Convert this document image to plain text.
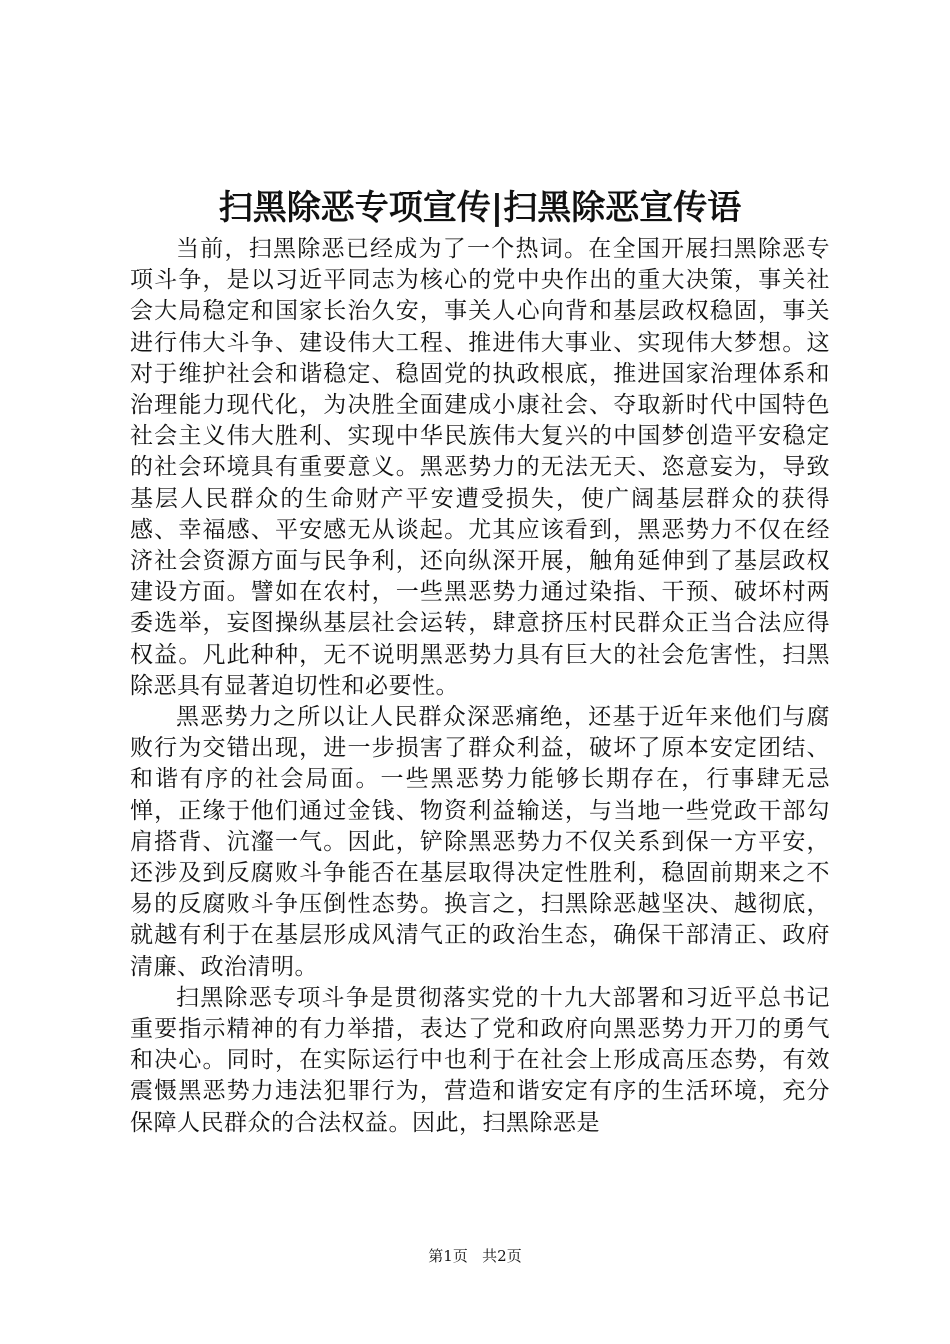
扫黑除恶专项宣传|扫黑除恶宣传语

当前，扫黑除恶已经成为了一个热词。在全国开展扫黑除恶专项斗争，是以习近平同志为核心的党中央作出的重大决策，事关社会大局稳定和国家长治久安，事关人心向背和基层政权稳固，事关进行伟大斗争、建设伟大工程、推进伟大事业、实现伟大梦想。这对于维护社会和谐稳定、稳固党的执政根底，推进国家治理体系和治理能力现代化，为决胜全面建成小康社会、夺取新时代中国特色社会主义伟大胜利、实现中华民族伟大复兴的中国梦创造平安稳定的社会环境具有重要意义。黑恶势力的无法无天、恣意妄为，导致基层人民群众的生命财产平安遭受损失，使广阔基层群众的获得感、幸福感、平安感无从谈起。尤其应该看到，黑恶势力不仅在经济社会资源方面与民争利，还向纵深开展，触角延伸到了基层政权建设方面。譬如在农村，一些黑恶势力通过染指、干预、破坏村两委选举，妄图操纵基层社会运转，肆意挤压村民群众正当合法应得权益。凡此种种，无不说明黑恶势力具有巨大的社会危害性，扫黑除恶具有显著迫切性和必要性。

黑恶势力之所以让人民群众深恶痛绝，还基于近年来他们与腐败行为交错出现，进一步损害了群众利益，破坏了原本安定团结、和谐有序的社会局面。一些黑恶势力能够长期存在，行事肆无忌惮，正缘于他们通过金钱、物资利益输送，与当地一些党政干部勾肩搭背、沆瀣一气。因此，铲除黑恶势力不仅关系到保一方平安，还涉及到反腐败斗争能否在基层取得决定性胜利，稳固前期来之不易的反腐败斗争压倒性态势。换言之，扫黑除恶越坚决、越彻底，就越有利于在基层形成风清气正的政治生态，确保干部清正、政府清廉、政治清明。

扫黑除恶专项斗争是贯彻落实党的十九大部署和习近平总书记重要指示精神的有力举措，表达了党和政府向黑恶势力开刀的勇气和决心。同时，在实际运行中也利于在社会上形成高压态势，有效震慑黑恶势力违法犯罪行为，营造和谐安定有序的生活环境，充分保障人民群众的合法权益。因此，扫黑除恶是

第1页 共2页
